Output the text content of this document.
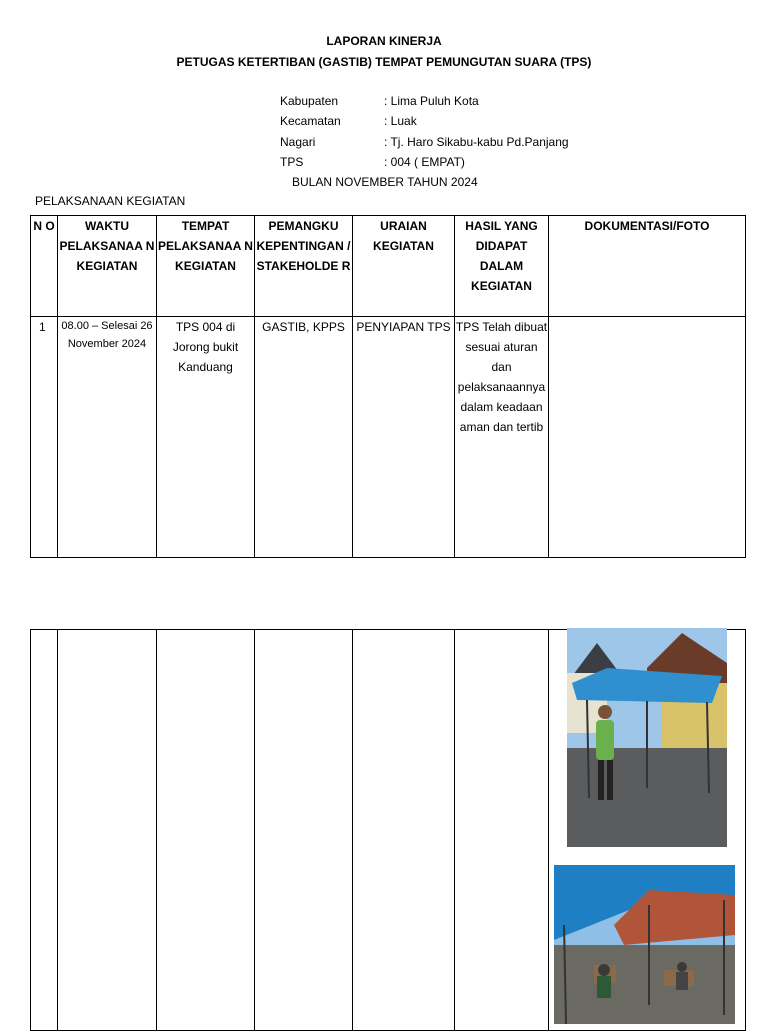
LAPORAN KINERJA
PETUGAS KETERTIBAN (GASTIB) TEMPAT PEMUNGUTAN SUARA (TPS)
Kabupaten	: Lima Puluh Kota
Kecamatan	: Luak
Nagari	: Tj. Haro Sikabu-kabu Pd.Panjang
TPS	: 004 ( EMPAT)
BULAN NOVEMBER TAHUN 2024
PELAKSANAAN KEGIATAN
N O	WAKTU PELAKSANAA N KEGIATAN	TEMPAT PELAKSANAA N KEGIATAN	PEMANGKU KEPENTINGAN / STAKEHOLDE R	URAIAN KEGIATAN	HASIL YANG DIDAPAT DALAM KEGIATAN	DOKUMENTASI/FOTO
1	08.00 – Selesai 26 November 2024	TPS 004 di Jorong bukit Kanduang	GASTIB, KPPS	PENYIAPAN TPS	TPS Telah dibuat sesuai aturan dan pelaksanaannya dalam keadaan aman dan tertib	
